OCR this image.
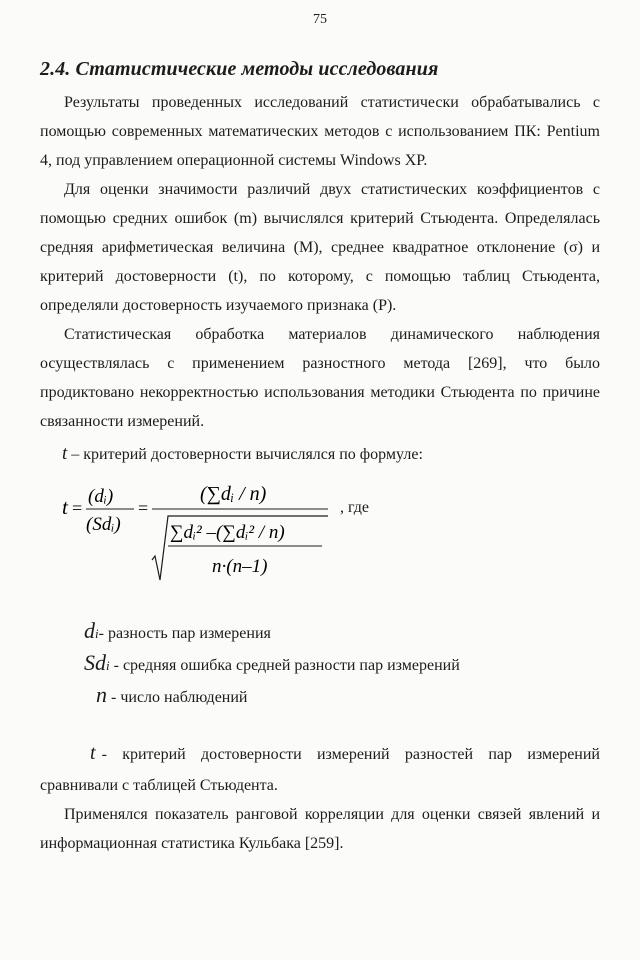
75
2.4. Статистические методы исследования
Результаты проведенных исследований статистически обрабатывались с помощью современных математических методов с использованием ПК: Pentium 4, под управлением операционной системы Windows XP.
Для оценки значимости различий двух статистических коэффициентов с помощью средних ошибок (m) вычислялся критерий Стьюдента. Определялась средняя арифметическая величина (М), среднее квадратное отклонение (σ) и критерий достоверности (t), по которому, с помощью таблиц Стьюдента, определяли достоверность изучаемого признака (Р).
Статистическая обработка материалов динамического наблюдения осуществлялась с применением разностного метода [269], что было продиктовано некорректностью использования методики Стьюдента по причине связанности измерений.
t – критерий достоверности вычислялся по формуле:
t =
(dᵢ)
(Sdᵢ)
=
(∑dᵢ / n)
∑dᵢ² –(∑dᵢ² / n)
n·(n–1)
, где
di- разность пар измерения
Sdi - средняя ошибка средней разности пар измерений
n - число наблюдений
t - критерий достоверности измерений разностей пар измерений сравнивали с таблицей Стьюдента.
Применялся показатель ранговой корреляции для оценки связей явлений и информационная статистика Кульбака [259].
